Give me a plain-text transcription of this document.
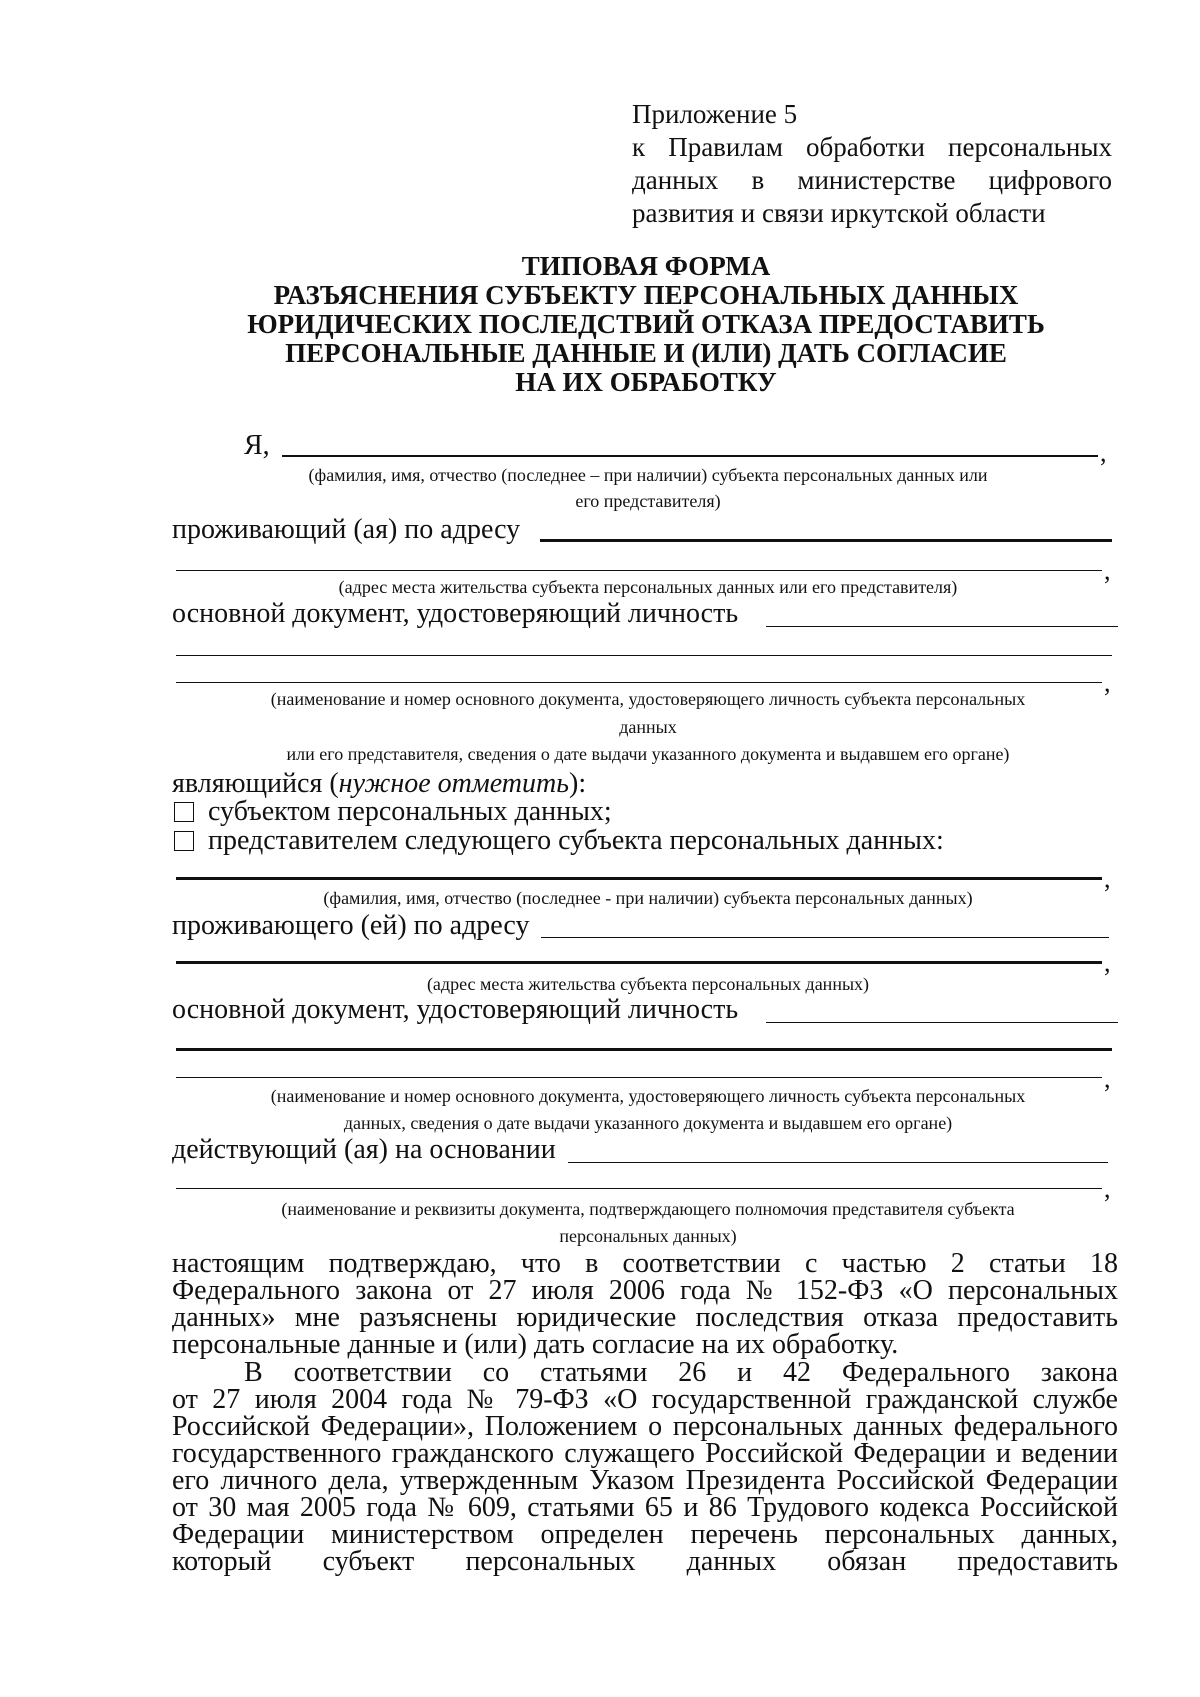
Приложение 5
к Правилам обработки персональных
данных в министерстве цифрового
развития и связи иркутской области
ТИПОВАЯ ФОРМА
РАЗЪЯСНЕНИЯ СУБЪЕКТУ ПЕРСОНАЛЬНЫХ ДАННЫХ
ЮРИДИЧЕСКИХ ПОСЛЕДСТВИЙ ОТКАЗА ПРЕДОСТАВИТЬ
ПЕРСОНАЛЬНЫЕ ДАННЫЕ И (ИЛИ) ДАТЬ СОГЛАСИЕ
НА ИХ ОБРАБОТКУ
Я,	,
(фамилия, имя, отчество (последнее – при наличии) субъекта персональных данных или
его представителя)
проживающий (ая) по адресу
,
(адрес места жительства субъекта персональных данных или его представителя)
основной документ, удостоверяющий личность
,
(наименование и номер основного документа, удостоверяющего личность субъекта персональных
данных
или его представителя, сведения о дате выдачи указанного документа и выдавшем его органе)
являющийся (нужное отметить):
субъектом персональных данных;
представителем следующего субъекта персональных данных:
,
(фамилия, имя, отчество (последнее - при наличии) субъекта персональных данных)
проживающего (ей) по адресу
,
(адрес места жительства субъекта персональных данных)
основной документ, удостоверяющий личность
,
(наименование и номер основного документа, удостоверяющего личность субъекта персональных
данных, сведения о дате выдачи указанного документа и выдавшем его органе)
действующий (ая) на основании
,
(наименование и реквизиты документа, подтверждающего полномочия представителя субъекта
персональных данных)
настоящим подтверждаю, что в соответствии с частью 2 статьи 18
Федерального закона от 27 июля 2006 года № 152-ФЗ «О персональных
данных» мне разъяснены юридические последствия отказа предоставить
персональные данные и (или) дать согласие на их обработку.
В соответствии со статьями 26 и 42 Федерального закона
от 27 июля 2004 года № 79-ФЗ «О государственной гражданской службе
Российской Федерации», Положением о персональных данных федерального
государственного гражданского служащего Российской Федерации и ведении
его личного дела, утвержденным Указом Президента Российской Федерации
от 30 мая 2005 года № 609, статьями 65 и 86 Трудового кодекса Российской
Федерации министерством определен перечень персональных данных,
который субъект персональных данных обязан предоставить
